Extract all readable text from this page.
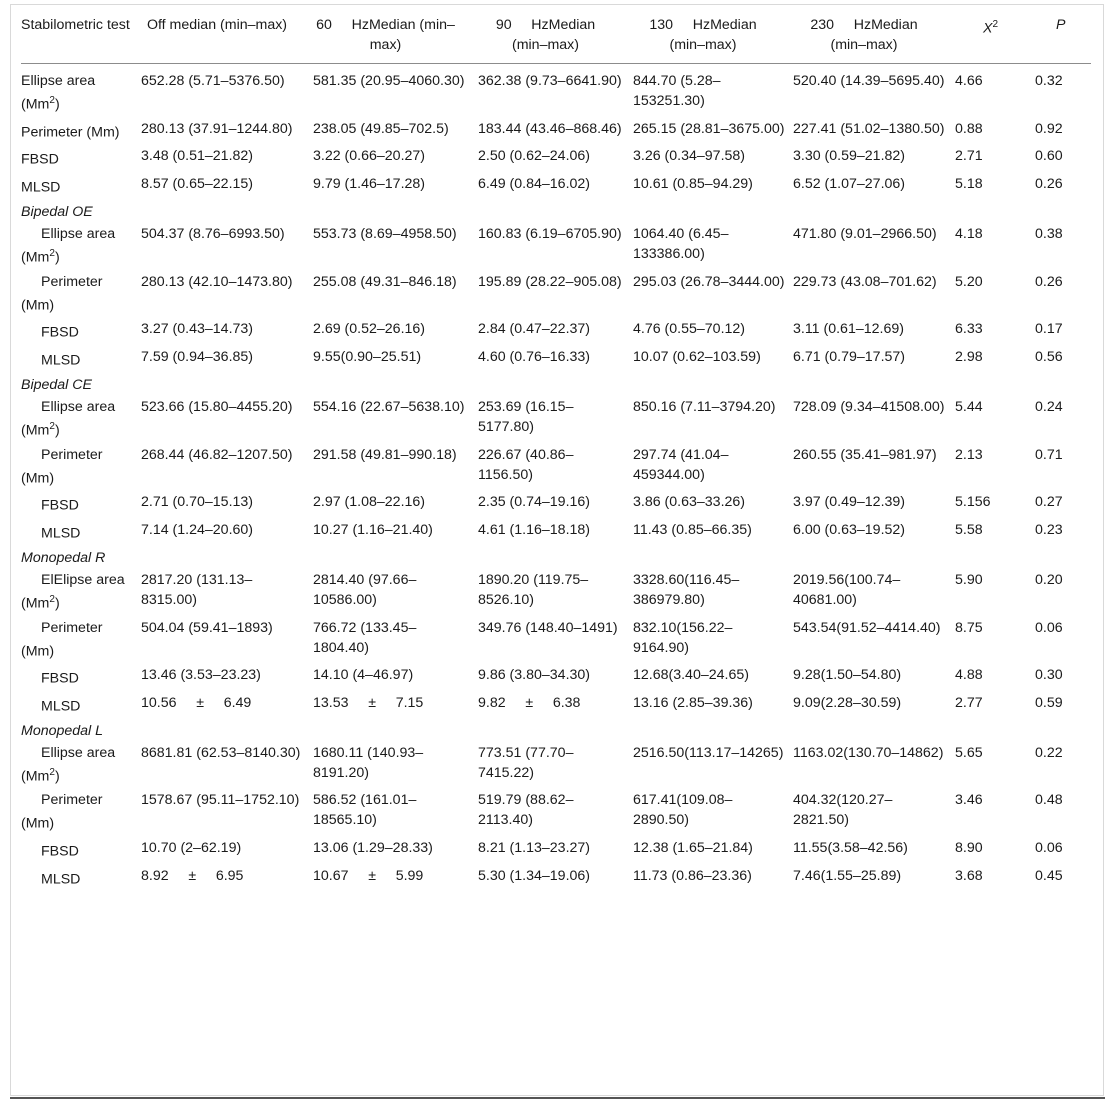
Stabilometric test	Off median (min–max)	60     HzMedian (min–max)	90     HzMedian (min–max)	130     HzMedian (min–max)	230     HzMedian (min–max)	$X^2$	P
Ellipse area (Mm$^2$)	652.28 (5.71–5376.50)	581.35 (20.95–4060.30)	362.38 (9.73–6641.90)	844.70 (5.28–153251.30)	520.40 (14.39–5695.40)	4.66	0.32
Perimeter (Mm)	280.13 (37.91–1244.80)	238.05 (49.85–702.5)	183.44 (43.46–868.46)	265.15 (28.81–3675.00)	227.41 (51.02–1380.50)	0.88	0.92
FBSD	3.48 (0.51–21.82)	3.22 (0.66–20.27)	2.50 (0.62–24.06)	3.26 (0.34–97.58)	3.30 (0.59–21.82)	2.71	0.60
MLSD	8.57 (0.65–22.15)	9.79 (1.46–17.28)	6.49 (0.84–16.02)	10.61 (0.85–94.29)	6.52 (1.07–27.06)	5.18	0.26
Bipedal OE							
Ellipse area (Mm$^2$)	504.37 (8.76–6993.50)	553.73 (8.69–4958.50)	160.83 (6.19–6705.90)	1064.40 (6.45–133386.00)	471.80 (9.01–2966.50)	4.18	0.38
Perimeter (Mm)	280.13 (42.10–1473.80)	255.08 (49.31–846.18)	195.89 (28.22–905.08)	295.03 (26.78–3444.00)	229.73 (43.08–701.62)	5.20	0.26
FBSD	3.27 (0.43–14.73)	2.69 (0.52–26.16)	2.84 (0.47–22.37)	4.76 (0.55–70.12)	3.11 (0.61–12.69)	6.33	0.17
MLSD	7.59 (0.94–36.85)	9.55(0.90–25.51)	4.60 (0.76–16.33)	10.07 (0.62–103.59)	6.71 (0.79–17.57)	2.98	0.56
Bipedal CE							
Ellipse area (Mm$^2$)	523.66 (15.80–4455.20)	554.16 (22.67–5638.10)	253.69 (16.15–5177.80)	850.16 (7.11–3794.20)	728.09 (9.34–41508.00)	5.44	0.24
Perimeter (Mm)	268.44 (46.82–1207.50)	291.58 (49.81–990.18)	226.67 (40.86–1156.50)	297.74 (41.04–459344.00)	260.55 (35.41–981.97)	2.13	0.71
FBSD	2.71 (0.70–15.13)	2.97 (1.08–22.16)	2.35 (0.74–19.16)	3.86 (0.63–33.26)	3.97 (0.49–12.39)	5.156	0.27
MLSD	7.14 (1.24–20.60)	10.27 (1.16–21.40)	4.61 (1.16–18.18)	11.43 (0.85–66.35)	6.00 (0.63–19.52)	5.58	0.23
Monopedal R							
ElElipse area (Mm$^2$)	2817.20 (131.13–8315.00)	2814.40 (97.66–10586.00)	1890.20 (119.75–8526.10)	3328.60(116.45–386979.80)	2019.56(100.74–40681.00)	5.90	0.20
Perimeter (Mm)	504.04 (59.41–1893)	766.72 (133.45–1804.40)	349.76 (148.40–1491)	832.10(156.22–9164.90)	543.54(91.52–4414.40)	8.75	0.06
FBSD	13.46 (3.53–23.23)	14.10 (4–46.97)	9.86 (3.80–34.30)	12.68(3.40–24.65)	9.28(1.50–54.80)	4.88	0.30
MLSD	10.56     ±     6.49	13.53     ±     7.15	9.82     ±     6.38	13.16 (2.85–39.36)	9.09(2.28–30.59)	2.77	0.59
Monopedal L							
Ellipse area (Mm$^2$)	8681.81 (62.53–8140.30)	1680.11 (140.93–8191.20)	773.51 (77.70–7415.22)	2516.50(113.17–14265)	1163.02(130.70–14862)	5.65	0.22
Perimeter (Mm)	1578.67 (95.11–1752.10)	586.52 (161.01–18565.10)	519.79 (88.62–2113.40)	617.41(109.08–2890.50)	404.32(120.27–2821.50)	3.46	0.48
FBSD	10.70 (2–62.19)	13.06 (1.29–28.33)	8.21 (1.13–23.27)	12.38 (1.65–21.84)	11.55(3.58–42.56)	8.90	0.06
MLSD	8.92     ±     6.95	10.67     ±     5.99	5.30 (1.34–19.06)	11.73 (0.86–23.36)	7.46(1.55–25.89)	3.68	0.45
